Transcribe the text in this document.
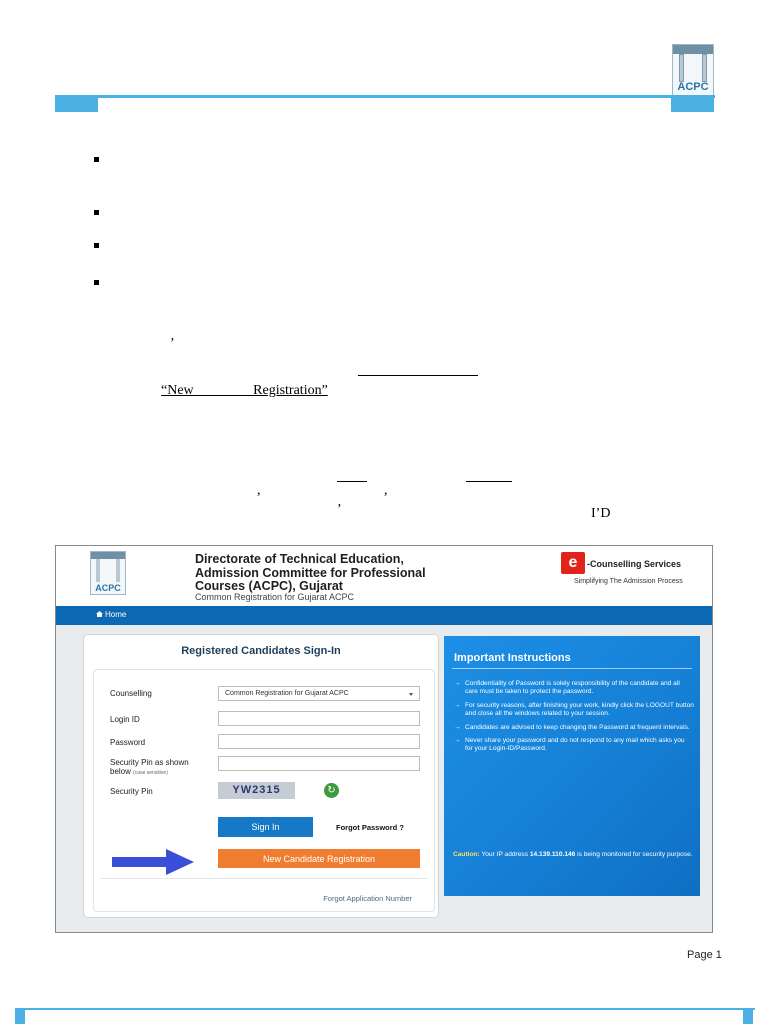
ACPC
’
“New                 Registration”
,	,
’	I’D
ACPC
Directorate of Technical Education,
Admission Committee for Professional
Courses (ACPC), Gujarat
Common Registration for Gujarat ACPC
e	-Counselling Services
Simplifying The Admission Process
Home
Registered Candidates Sign-In
Counselling	Common Registration for Gujarat ACPC
Login ID
Password
Security Pin as shown
below (case sensitive)
Security Pin	YW2315	↻
Sign In	Forgot Password ?
New Candidate Registration
Forgot Application Number
Important Instructions
→ Confidentiality of Password is solely responsibility of the candidate and all care must be taken to protect the password.
→ For security reasons, after finishing your work, kindly click the LOGOUT button and close all the windows related to your session.
→ Candidates are advised to keep changing the Password at frequent intervals.
→ Never share your password and do not respond to any mail which asks you for your Login-ID/Password.
Caution: Your IP address 14.139.110.146 is being monitored for security purpose.
Page 1
